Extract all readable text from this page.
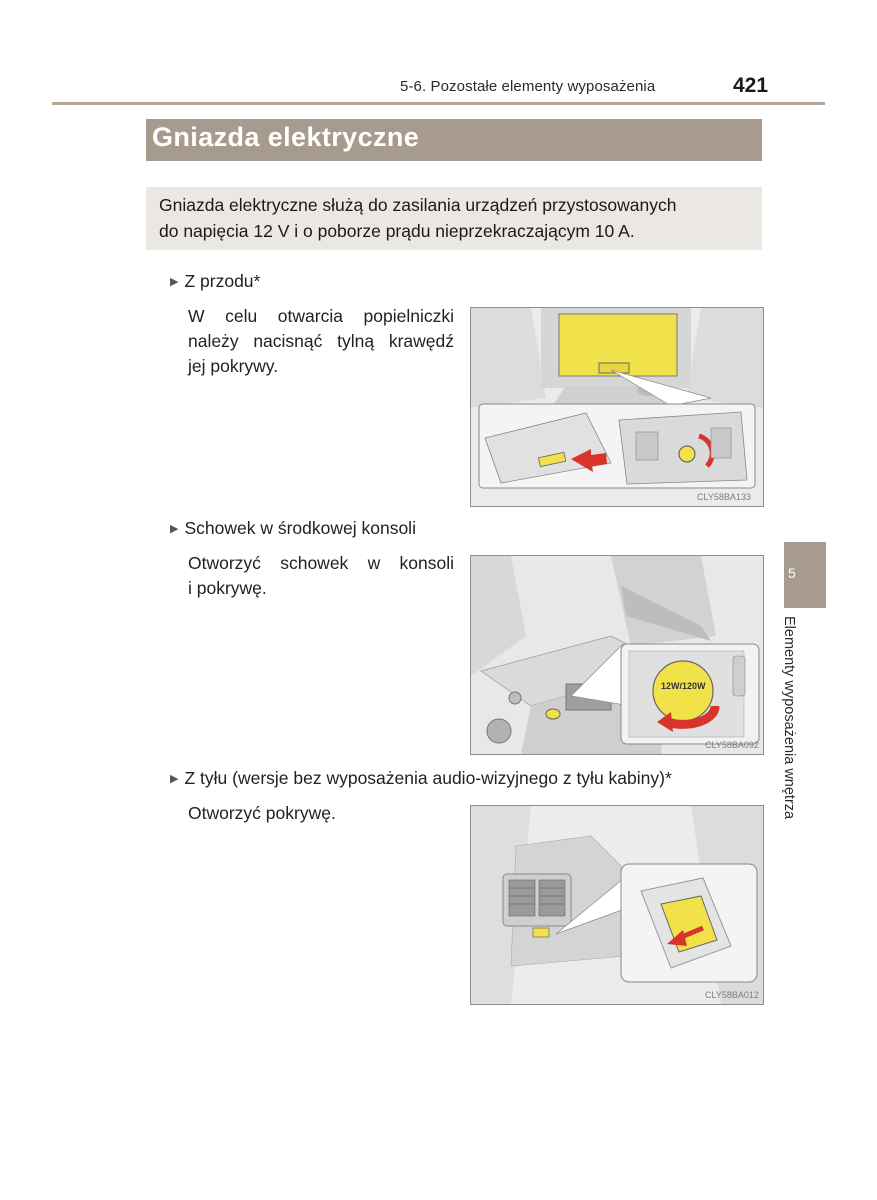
5-6. Pozostałe elementy wyposażenia	421
Gniazda elektryczne
Gniazda elektryczne służą do zasilania urządzeń przystosowanych
do napięcia 12 V i o poborze prądu nieprzekraczającym 10 A.
▶ Z przodu*
W celu otwarcia popielniczki
należy nacisnąć tylną krawędź
jej pokrywy.
CLY58BA133
▶ Schowek w środkowej konsoli
Otworzyć schowek w konsoli
i pokrywę.
12W/120W
CLY58BA092
▶ Z tyłu (wersje bez wyposażenia audio-wizyjnego z tyłu kabiny)*
Otworzyć pokrywę.
CLY58BA012
5
Elementy wyposażenia wnętrza
